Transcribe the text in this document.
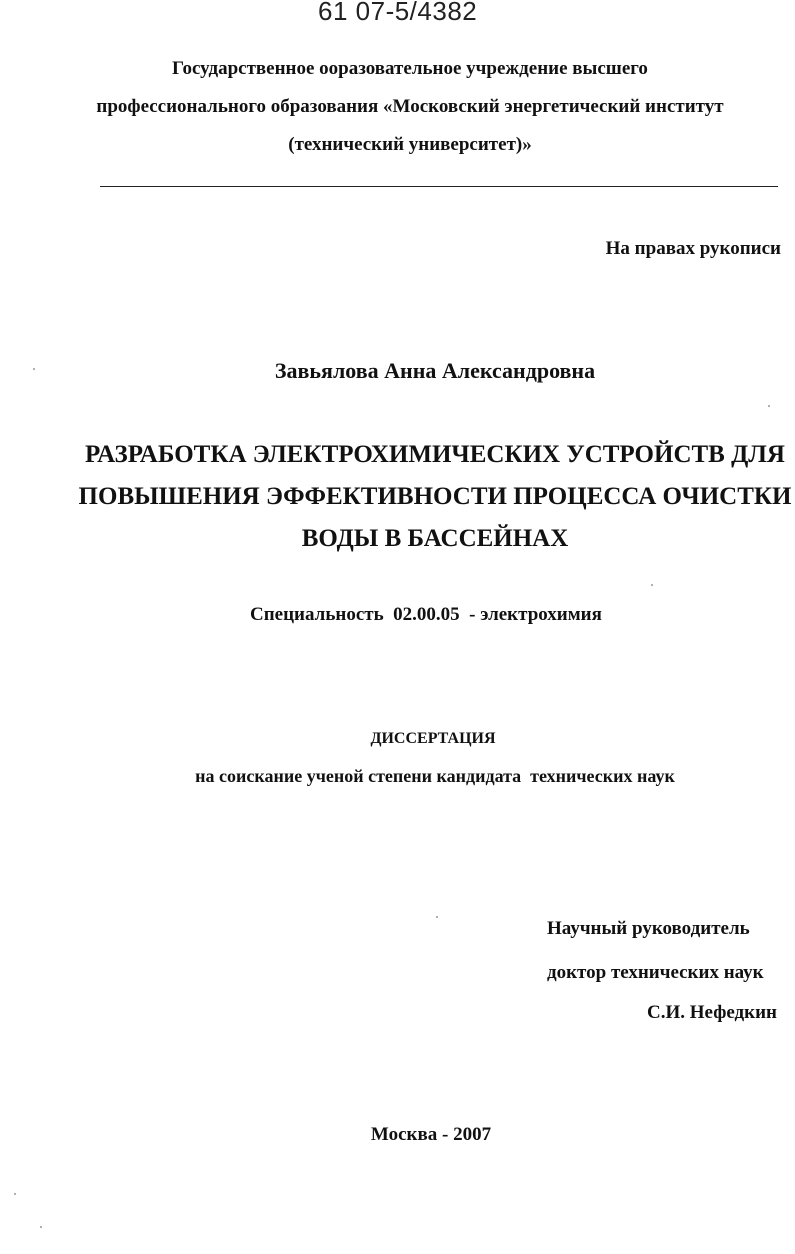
61 07-5/4382
Государственное оoразовательное учреждение высшего
профессионального образования «Московский энергетический институт
(технический университет)»
На правах рукописи
Завьялова Анна Александровна
РАЗРАБОТКА ЭЛЕКТРОХИМИЧЕСКИХ УСТРОЙСТВ ДЛЯ
ПОВЫШЕНИЯ ЭФФЕКТИВНОСТИ ПРОЦЕССА ОЧИСТКИ
ВОДЫ В БАССЕЙНАХ
Специальность 02.00.05 - электрохимия
ДИССЕРТАЦИЯ
на соискание ученой степени кандидата  технических наук
Научный руководитель
доктор технических наук
С.И. Нефедкин
Москва - 2007
